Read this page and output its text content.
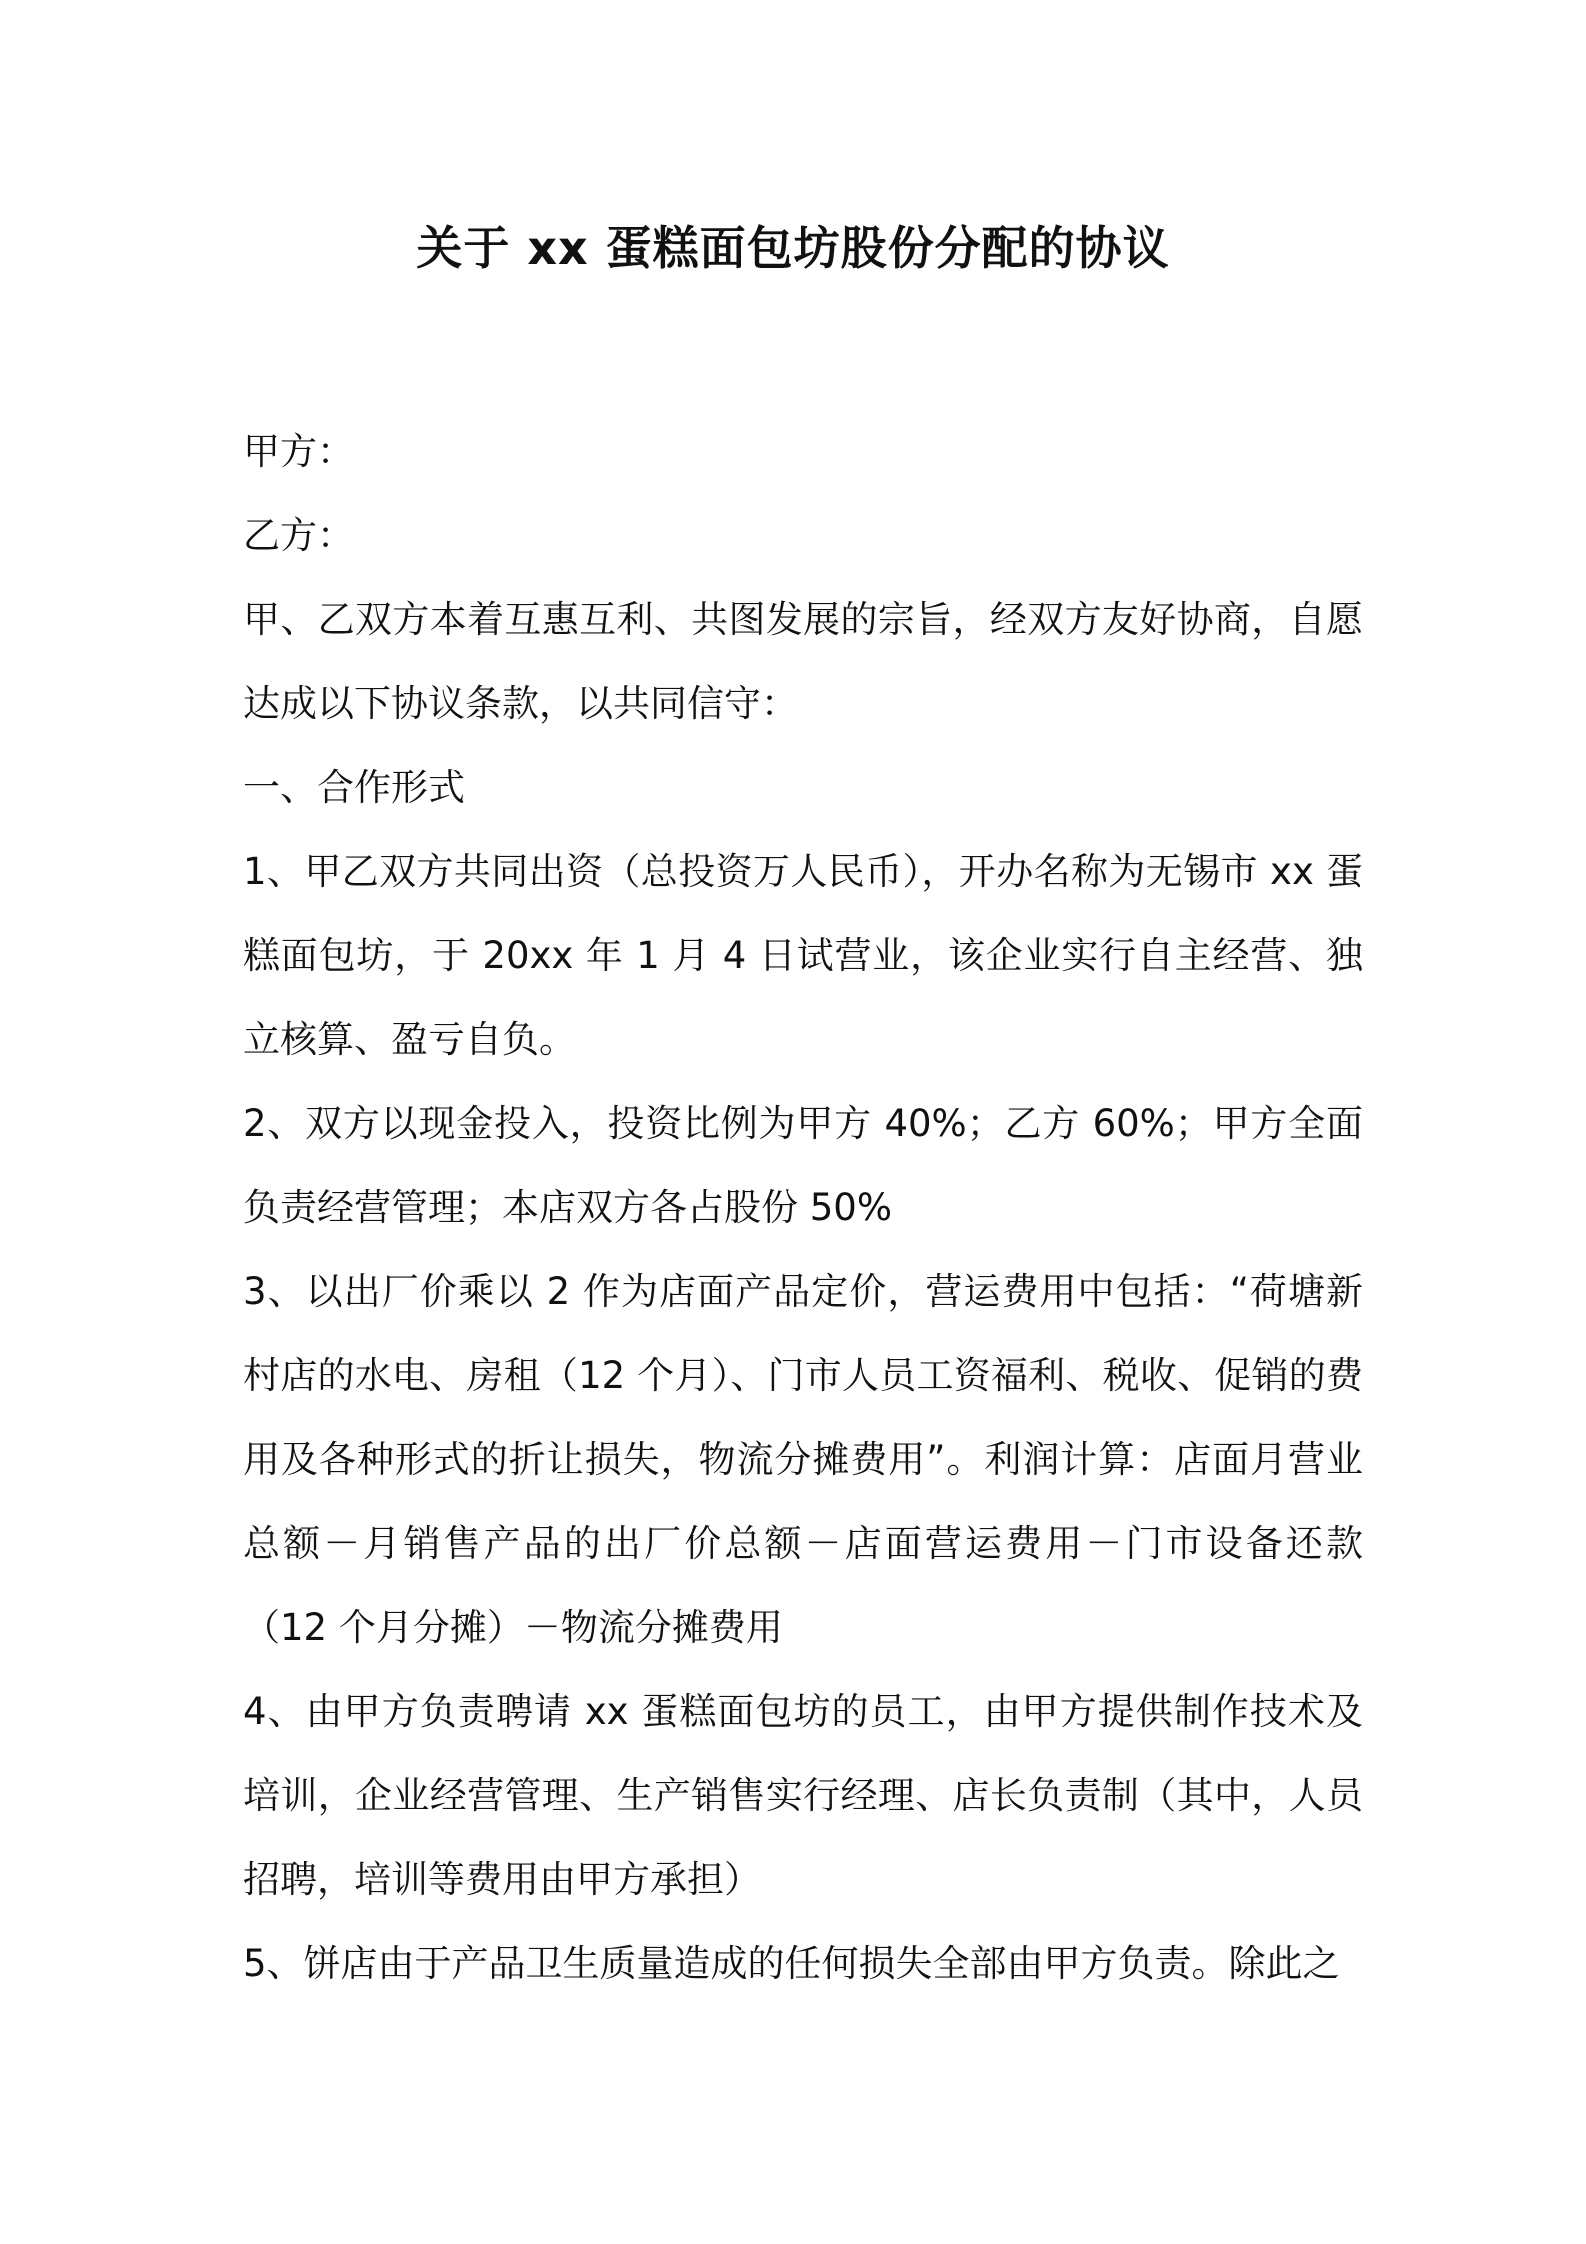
关于 xx 蛋糕面包坊股份分配的协议

甲方：

乙方：

甲、乙双方本着互惠互利、共图发展的宗旨，经双方友好协商，自愿达成以下协议条款，以共同信守：

一、合作形式

1、甲乙双方共同出资（总投资万人民币），开办名称为无锡市 xx 蛋糕面包坊，于 20xx 年 1 月 4 日试营业，该企业实行自主经营、独立核算、盈亏自负。

2、双方以现金投入，投资比例为甲方 40%；乙方 60%；甲方全面负责经营管理；本店双方各占股份 50%

3、以出厂价乘以 2 作为店面产品定价，营运费用中包括：“荷塘新村店的水电、房租（12 个月）、门市人员工资福利、税收、促销的费用及各种形式的折让损失，物流分摊费用”。利润计算：店面月营业总额－月销售产品的出厂价总额－店面营运费用－门市设备还款（12 个月分摊）－物流分摊费用

4、由甲方负责聘请 xx 蛋糕面包坊的员工，由甲方提供制作技术及培训，企业经营管理、生产销售实行经理、店长负责制（其中，人员招聘，培训等费用由甲方承担）

5、饼店由于产品卫生质量造成的任何损失全部由甲方负责。除此之
